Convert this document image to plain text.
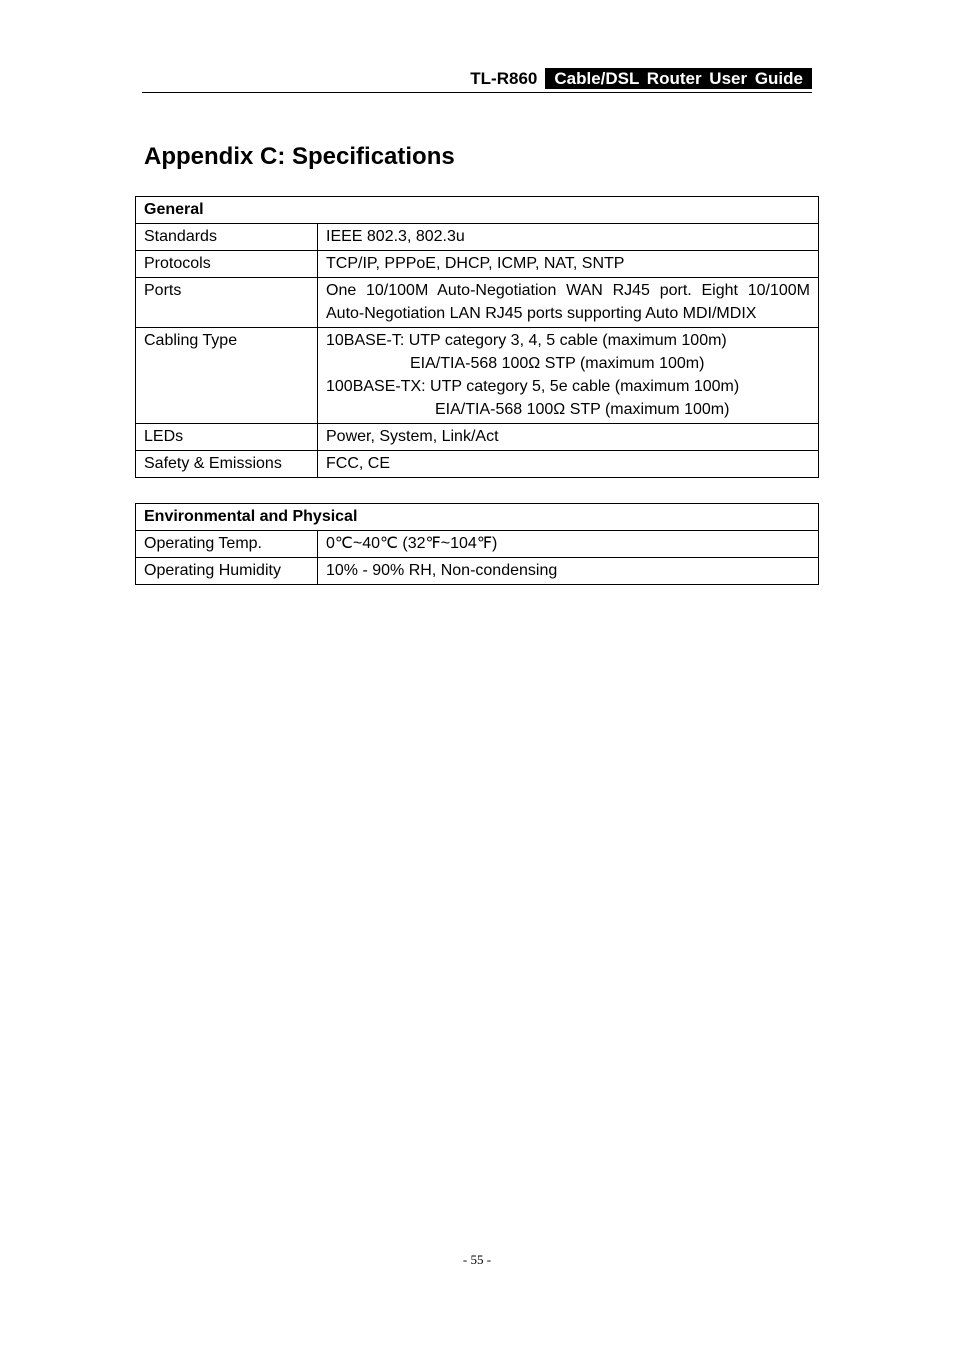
TL-R860 Cable/DSL Router User Guide
Appendix C: Specifications
General	
Standards	IEEE 802.3, 802.3u
Protocols	TCP/IP, PPPoE, DHCP, ICMP, NAT, SNTP
Ports	One 10/100M Auto-Negotiation WAN RJ45 port. Eight 10/100M
Auto-Negotiation LAN RJ45 ports supporting Auto MDI/MDIX

Cabling Type	10BASE-T: UTP category 3, 4, 5 cable (maximum 100m)
EIA/TIA-568 100Ω STP (maximum 100m)
100BASE-TX: UTP category 5, 5e cable (maximum 100m)
EIA/TIA-568 100Ω STP (maximum 100m)

LEDs	Power, System, Link/Act
Safety & Emissions	FCC, CE
Environmental and Physical	
Operating Temp.	0℃~40℃ (32℉~104℉)
Operating Humidity	10% - 90% RH, Non-condensing
- 55 -
